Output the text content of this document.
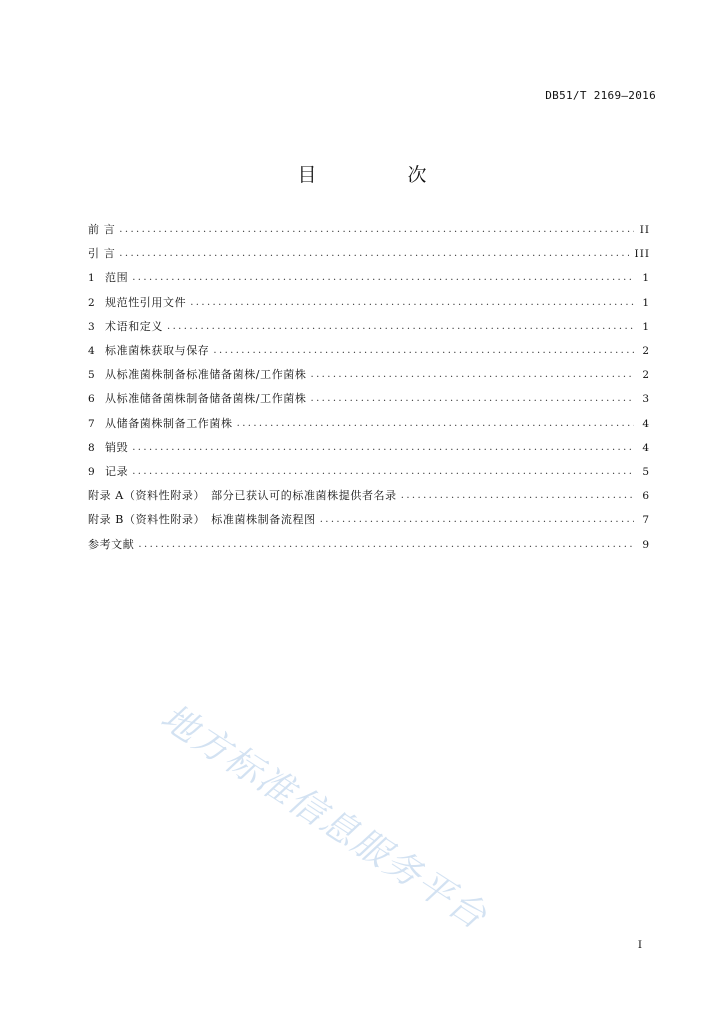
DB51/T 2169—2016
目　次
前 言 .....	II
引 言 .....	III
1 范围 .....	1
2 规范性引用文件 .....	1
3 术语和定义 .....	1
4 标准菌株获取与保存 .....	2
5 从标准菌株制备标准储备菌株/工作菌株 .....	2
6 从标准储备菌株制备储备菌株/工作菌株 .....	3
7 从储备菌株制备工作菌株 .....	4
8 销毁 .....	4
9 记录 .....	5
附录 A（资料性附录）　部分已获认可的标准菌株提供者名录 .....	6
附录 B（资料性附录）　标准菌株制备流程图 .....	7
参考文献 .....	9
地方标准信息服务平台
I
